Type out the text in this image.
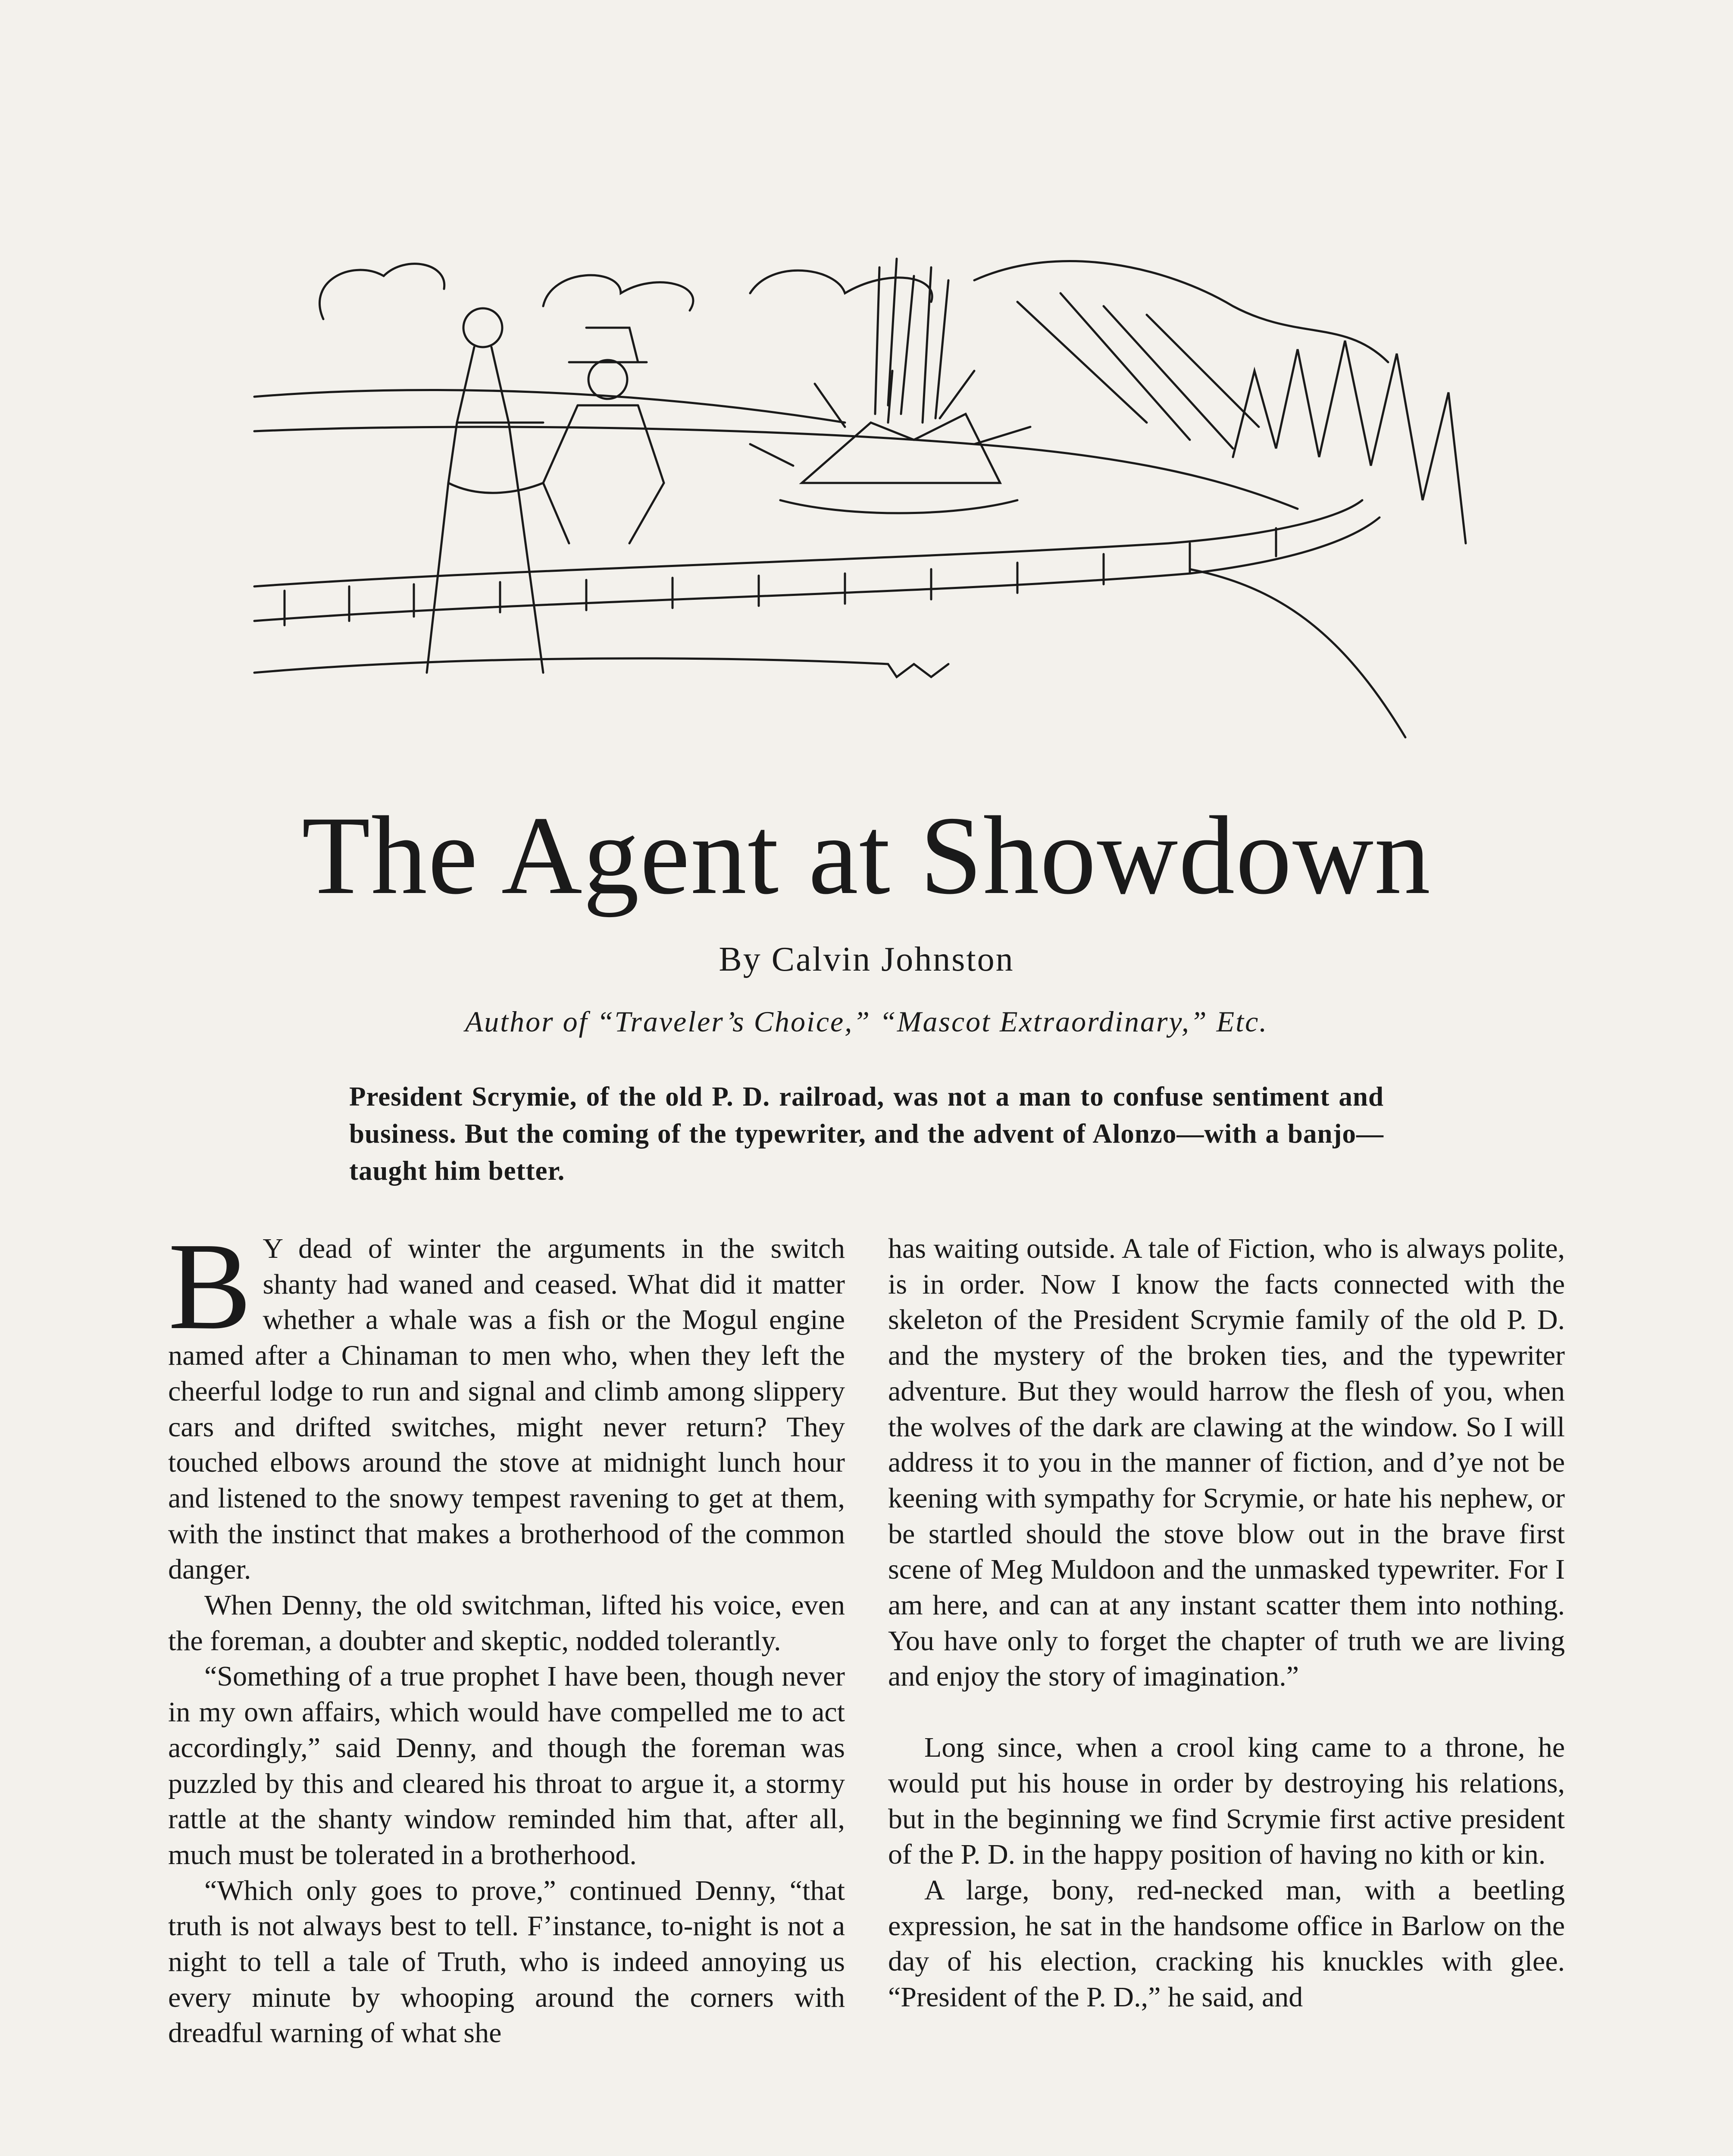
The Agent at Showdown
By Calvin Johnston
Author of “Traveler’s Choice,” “Mascot Extraordinary,” Etc.
President Scrymie, of the old P. D. railroad, was not a man to confuse sentiment and business. But the coming of the typewriter, and the advent of Alonzo—with a banjo—taught him better.

B Y dead of winter the arguments in the switch shanty had waned and ceased. What did it matter whether a whale was a fish or the Mogul engine named after a Chinaman to men who, when they left the cheerful lodge to run and signal and climb among slippery cars and drifted switches, might never return? They touched elbows around the stove at midnight lunch hour and listened to the snowy tempest ravening to get at them, with the instinct that makes a brotherhood of the common danger.

When Denny, the old switchman, lifted his voice, even the foreman, a doubter and skeptic, nodded tolerantly.

“Something of a true prophet I have been, though never in my own affairs, which would have compelled me to act accordingly,” said Denny, and though the foreman was puzzled by this and cleared his throat to argue it, a stormy rattle at the shanty window reminded him that, after all, much must be tolerated in a brotherhood.

“Which only goes to prove,” continued Denny, “that truth is not always best to tell. F’instance, to-night is not a night to tell a tale of Truth, who is indeed annoying us every minute by whooping around the corners with dreadful warning of what she

has waiting outside. A tale of Fiction, who is always polite, is in order. Now I know the facts connected with the skeleton of the President Scrymie family of the old P. D. and the mystery of the broken ties, and the typewriter adventure. But they would harrow the flesh of you, when the wolves of the dark are clawing at the window. So I will address it to you in the manner of fiction, and d’ye not be keening with sympathy for Scrymie, or hate his nephew, or be startled should the stove blow out in the brave first scene of Meg Muldoon and the unmasked typewriter. For I am here, and can at any instant scatter them into nothing. You have only to forget the chapter of truth we are living and enjoy the story of imagination.”

Long since, when a crool king came to a throne, he would put his house in order by destroying his relations, but in the beginning we find Scrymie first active president of the P. D. in the happy position of having no kith or kin.

A large, bony, red-necked man, with a beetling expression, he sat in the handsome office in Barlow on the day of his election, cracking his knuckles with glee. “President of the P. D.,” he said, and
